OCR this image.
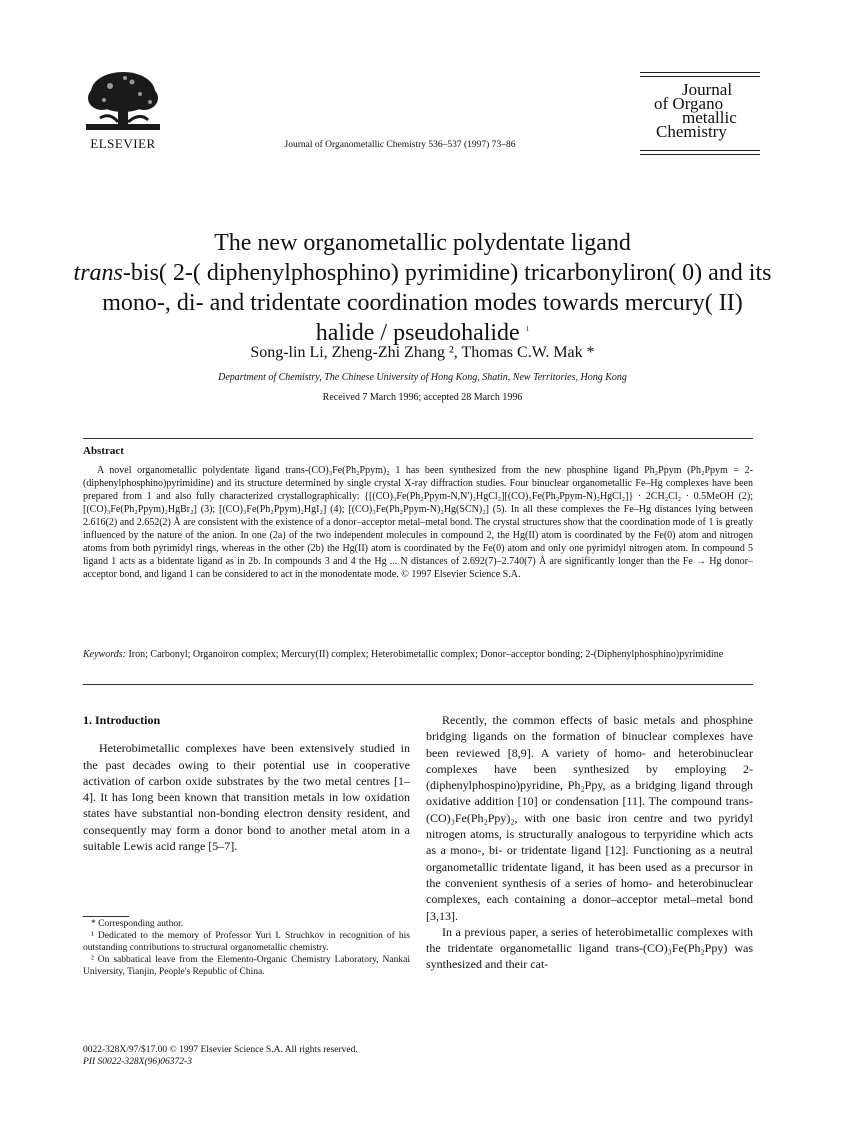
ELSEVIER	Journal of Organometallic Chemistry 536–537 (1997) 73–86
Journal
of Organo
metallic
Chemistry
The new organometallic polydentate ligand
trans-bis( 2-( diphenylphosphino) pyrimidine) tricarbonyliron( 0) and its
mono-, di- and tridentate coordination modes towards mercury( II)
halide / pseudohalide $^1$
Song-lin Li, Zheng-Zhi Zhang ², Thomas C.W. Mak *
Department of Chemistry, The Chinese University of Hong Kong, Shatin, New Territories, Hong Kong
Received 7 March 1996; accepted 28 March 1996
Abstract
A novel organometallic polydentate ligand trans-(CO)₃Fe(Ph₂Ppym)₂ 1 has been synthesized from the new phosphine ligand Ph₂Ppym (Ph₂Ppym = 2-(diphenylphosphino)pyrimidine) and its structure determined by single crystal X-ray diffraction studies. Four binuclear organometallic Fe–Hg complexes have been prepared from 1 and also fully characterized crystallographically: {[(CO)₃Fe(Ph₂Ppym-N,N')₂HgCl₂][(CO)₃Fe(Ph₂Ppym-N)₂HgCl₂]} · 2CH₂Cl₂ · 0.5MeOH (2); [(CO)₃Fe(Ph₂Ppym)₂HgBr₂] (3); [(CO)₃Fe(Ph₂Ppym)₂HgI₂] (4); [(CO)₃Fe(Ph₂Ppym-N)₂Hg(SCN)₂] (5). In all these complexes the Fe–Hg distances lying between 2.616(2) and 2.652(2) Å are consistent with the existence of a donor–acceptor metal–metal bond. The crystal structures show that the coordination mode of 1 is greatly influenced by the nature of the anion. In one (2a) of the two independent molecules in compound 2, the Hg(II) atom is coordinated by the Fe(0) atom and nitrogen atoms from both pyrimidyl rings, whereas in the other (2b) the Hg(II) atom is coordinated by the Fe(0) atom and only one pyrimidyl nitrogen atom. In compound 5 ligand 1 acts as a bidentate ligand as in 2b. In compounds 3 and 4 the Hg ... N distances of 2.692(7)–2.740(7) Å are significantly longer than the Fe → Hg donor–acceptor bond, and ligand 1 can be considered to act in the monodentate mode. © 1997 Elsevier Science S.A.
Keywords: Iron; Carbonyl; Organoiron complex; Mercury(II) complex; Heterobimetallic complex; Donor–acceptor bonding; 2-(Diphenylphosphino)pyrimidine
1. Introduction

Heterobimetallic complexes have been extensively studied in the past decades owing to their potential use in cooperative activation of carbon oxide substrates by the two metal centres [1–4]. It has long been known that transition metals in low oxidation states have substantial non-bonding electron density resident, and consequently may form a donor bond to another metal atom in a suitable Lewis acid range [5–7].

* Corresponding author.
¹ Dedicated to the memory of Professor Yuri I. Struchkov in recognition of his outstanding contributions to structural organometallic chemistry.
² On sabbatical leave from the Elemento-Organic Chemistry Laboratory, Nankai University, Tianjin, People's Republic of China.

Recently, the common effects of basic metals and phosphine bridging ligands on the formation of binuclear complexes have been reviewed [8,9]. A variety of homo- and heterobinuclear complexes have been synthesized by employing 2-(diphenylphospino)pyridine, Ph₂Ppy, as a bridging ligand through oxidative addition [10] or condensation [11]. The compound trans-(CO)₃Fe(Ph₂Ppy)₂, with one basic iron centre and two pyridyl nitrogen atoms, is structurally analogous to terpyridine which acts as a mono-, bi- or tridentate ligand [12]. Functioning as a neutral organometallic tridentate ligand, it has been used as a precursor in the convenient synthesis of a series of homo- and heterobinuclear complexes, each containing a donor–acceptor metal–metal bond [3,13].

In a previous paper, a series of heterobimetallic complexes with the tridentate organometallic ligand trans-(CO)₃Fe(Ph₂Ppy) was synthesized and their cat-

0022-328X/97/$17.00 © 1997 Elsevier Science S.A. All rights reserved.
PII S0022-328X(96)06372-3
